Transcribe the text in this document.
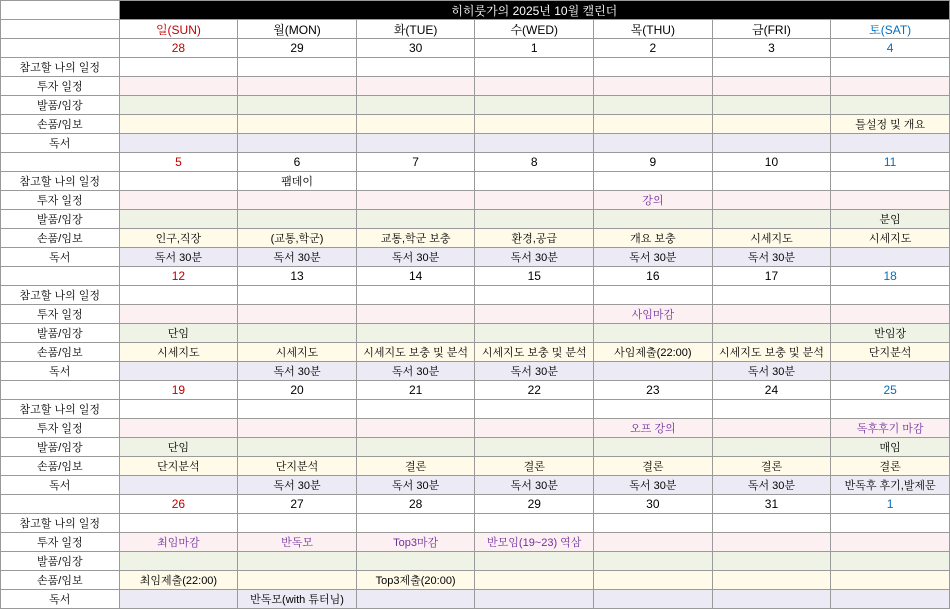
	히히룻가의 2025년 10월 캘린더						
	일(SUN)	월(MON)	화(TUE)	수(WED)	목(THU)	금(FRI)	토(SAT)
	28	29	30	1	2	3	4
참고할 나의 일정							
투자 일정							
발품/임장							
손품/임보							틀설정 및 개요
독서							
	5	6	7	8	9	10	11
참고할 나의 일정		팸데이					
투자 일정					강의		
발품/임장							분임
손품/임보	인구,직장	(교통,학군)	교통,학군 보충	환경,공급	개요 보충	시세지도	시세지도
독서	독서 30분	독서 30분	독서 30분	독서 30분	독서 30분	독서 30분	
	12	13	14	15	16	17	18
참고할 나의 일정							
투자 일정					사임마감		
발품/임장	단임						반임장
손품/임보	시세지도	시세지도	시세지도 보충 및 분석	시세지도 보충 및 분석	사임제출(22:00)	시세지도 보충 및 분석	단지분석
독서		독서 30분	독서 30분	독서 30분		독서 30분	
	19	20	21	22	23	24	25
참고할 나의 일정							
투자 일정					오프 강의		독후후기 마감
발품/임장	단임						매임
손품/임보	단지분석	단지분석	결론	결론	결론	결론	결론
독서		독서 30분	독서 30분	독서 30분	독서 30분	독서 30분	반독후 후기,발제문
	26	27	28	29	30	31	1
참고할 나의 일정							
투자 일정	최임마감	반독모	Top3마감	반모임(19~23) 역삼			
발품/임장							
손품/임보	최임제출(22:00)		Top3제출(20:00)				
독서		반독모(with 튜터님)					
